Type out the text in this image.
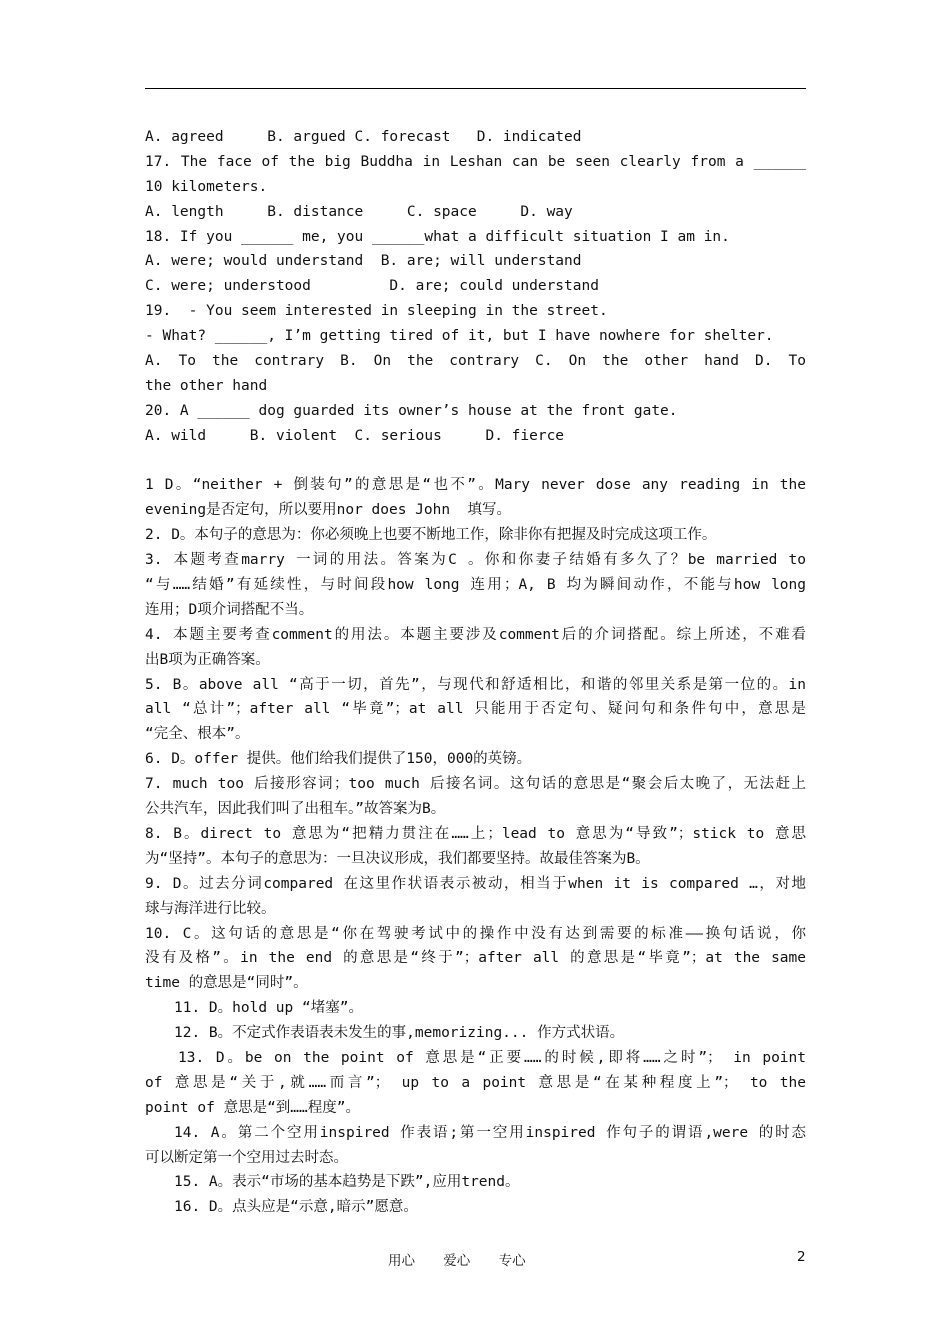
A. agreed     B. argued C. forecast   D. indicated
17. The face of the big Buddha in Leshan can be seen clearly from a ______
10 kilometers.
A. length     B. distance     C. space     D. way
18. If you ______ me, you ______what a difficult situation I am in.
A. were; would understand  B. are; will understand
C. were; understood         D. are; could understand
19.  - You seem interested in sleeping in the street.
- What? ______, I’m getting tired of it, but I have nowhere for shelter.
A. To the contrary B. On the contrary C. On the other hand D. To
the other hand
20. A ______ dog guarded its owner’s house at the front gate.
A. wild     B. violent  C. serious     D. fierce
1 D。“neither + 倒装句”的意思是“也不”。Mary never dose any reading in the
evening是否定句，所以要用nor does John  填写。
2. D。本句子的意思为：你必须晚上也要不断地工作，除非你有把握及时完成这项工作。
3. 本题考查marry 一词的用法。答案为C 。你和你妻子结婚有多久了？be married to
“与……结婚”有延续性，与时间段how long 连用；A, B 均为瞬间动作，不能与how long
连用；D项介词搭配不当。
4. 本题主要考查comment的用法。本题主要涉及comment后的介词搭配。综上所述，不难看
出B项为正确答案。
5. B。above all “高于一切，首先”，与现代和舒适相比，和谐的邻里关系是第一位的。in
all “总计”；after all “毕竟”；at all 只能用于否定句、疑问句和条件句中，意思是
“完全、根本”。
6. D。offer 提供。他们给我们提供了150，000的英镑。
7. much too 后接形容词；too much 后接名词。这句话的意思是“聚会后太晚了，无法赶上
公共汽车，因此我们叫了出租车。”故答案为B。
8. B。direct to 意思为“把精力贯注在……上；lead to 意思为“导致”；stick to 意思
为“坚持”。本句子的意思为：一旦决议形成，我们都要坚持。故最佳答案为B。
9. D。过去分词compared 在这里作状语表示被动，相当于when it is compared …，对地
球与海洋进行比较。
10. C。这句话的意思是“你在驾驶考试中的操作中没有达到需要的标准——换句话说，你
没有及格”。in the end 的意思是“终于”；after all 的意思是“毕竟”；at the same
time 的意思是“同时”。
11. D。hold up “堵塞”。
12. B。不定式作表语表未发生的事,memorizing... 作方式状语。
13. D。be on the point of 意思是“正要……的时候,即将……之时”； in point
of 意思是“关于,就……而言”； up to a point 意思是“在某种程度上”； to the
point of 意思是“到……程度”。
14. A。第二个空用inspired 作表语;第一空用inspired 作句子的谓语,were 的时态
可以断定第一个空用过去时态。
15. A。表示“市场的基本趋势是下跌”,应用trend。
16. D。点头应是“示意,暗示”愿意。
用心 爱心 专心	2
